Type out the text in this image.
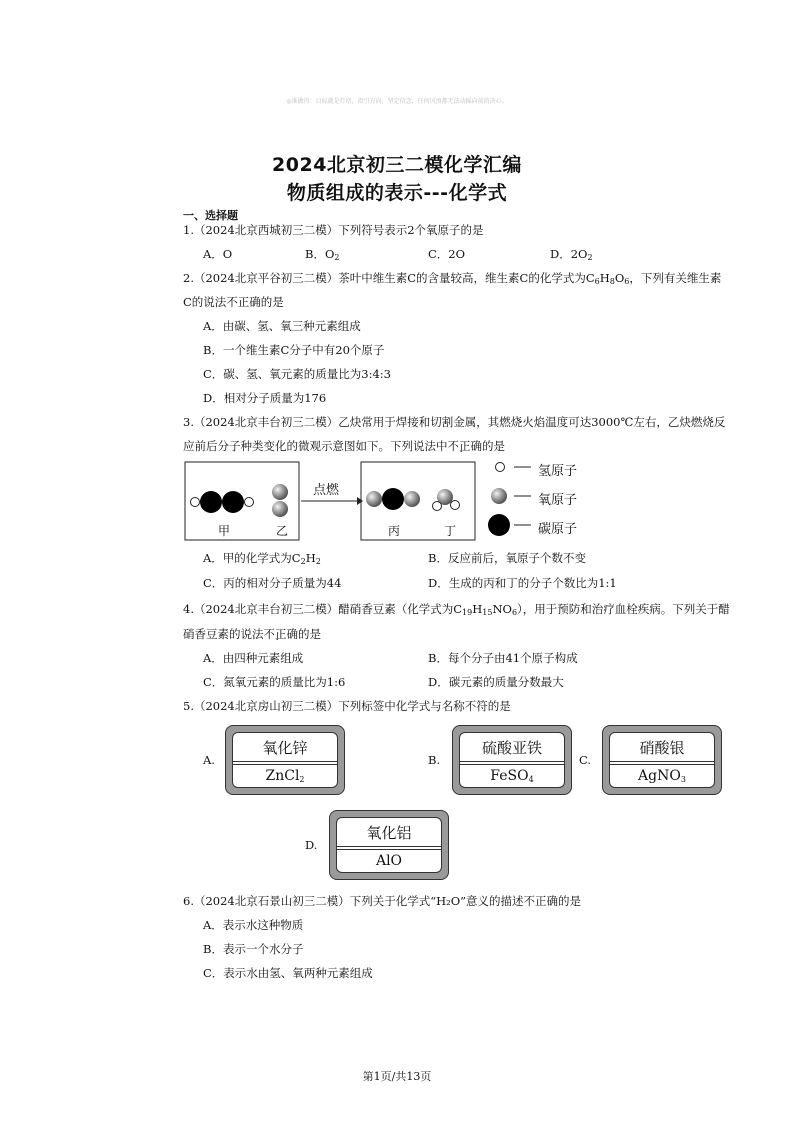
◎谁做得：目标就是灯塔，指引方向，坚定信念，任何风浪都无法动摇向前的决心。
2024北京初三二模化学汇编
物质组成的表示---化学式
一、选择题
1.（2024北京西城初三二模）下列符号表示2个氧原子的是
A．O	B．$O_2$	C．2O	D．$2O_2$
2.（2024北京平谷初三二模）茶叶中维生素C的含量较高，维生素C的化学式为$C_6H_8O_6$，下列有关维生素
C的说法不正确的是
A．由碳、氢、氧三种元素组成
B．一个维生素C分子中有20个原子
C．碳、氢、氧元素的质量比为3:4:3
D．相对分子质量为176
3.（2024北京丰台初三二模）乙炔常用于焊接和切割金属，其燃烧火焰温度可达3000℃左右，乙炔燃烧反
应前后分子种类变化的微观示意图如下。下列说法中不正确的是
点燃
甲	乙	丙	丁
氢原子
氧原子
碳原子
A．甲的化学式为$C_2H_2$	B．反应前后，氧原子个数不变
C．丙的相对分子质量为44	D．生成的丙和丁的分子个数比为1:1
4.（2024北京丰台初三二模）醋硝香豆素（化学式为$C_{19}H_{15}NO_6$），用于预防和治疗血栓疾病。下列关于醋
硝香豆素的说法不正确的是
A．由四种元素组成	B．每个分子由41个原子构成
C．氮氧元素的质量比为1:6	D．碳元素的质量分数最大
5.（2024北京房山初三二模）下列标签中化学式与名称不符的是
A.
氧化锌
ZnCl$_2$
B.
硫酸亚铁
FeSO$_4$
C.
硝酸银
AgNO$_3$
D.
氧化铝
AlO
6.（2024北京石景山初三二模）下列关于化学式“H₂O”意义的描述不正确的是
A．表示水这种物质
B．表示一个水分子
C．表示水由氢、氧两种元素组成
第1页/共13页
